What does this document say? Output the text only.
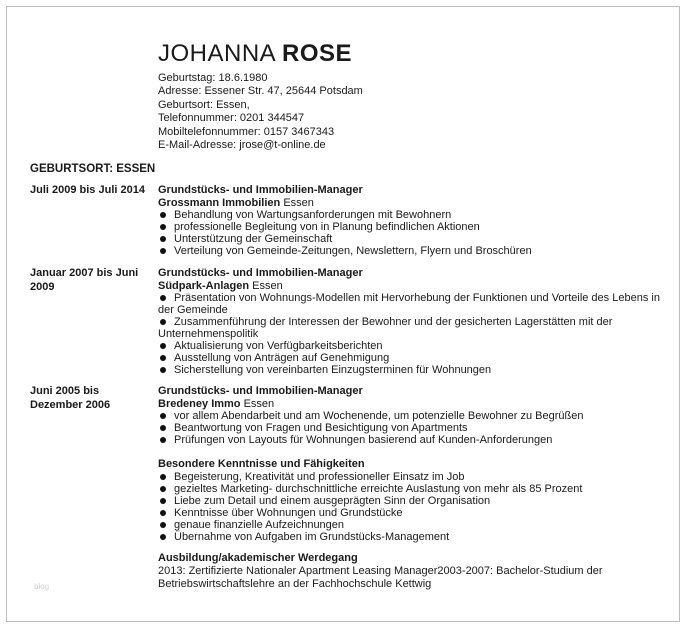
JOHANNA ROSE
Geburtstag: 18.6.1980
Adresse: Essener Str. 47, 25644 Potsdam
Geburtsort: Essen,
Telefonnummer: 0201 344547
Mobiltelefonnummer: 0157 3467343
E-Mail-Adresse: jrose@t-online.de
GEBURTSORT: ESSEN
Juli 2009 bis Juli 2014	Grundstücks- und Immobilien-Manager
Grossmann Immobilien Essen
Behandlung von Wartungsanforderungen mit Bewohnern
professionelle Begleitung von in Planung befindlichen Aktionen
Unterstützung der Gemeinschaft
Verteilung von Gemeinde-Zeitungen, Newslettern, Flyern und Broschüren
Januar 2007 bis Juni 2009
Grundstücks- und Immobilien-Manager
Südpark-Anlagen Essen
Präsentation von Wohnungs-Modellen mit Hervorhebung der Funktionen und Vorteile des Lebens in der Gemeinde
Zusammenführung der Interessen der Bewohner und der gesicherten Lagerstätten mit der Unternehmenspolitik
Aktualisierung von Verfügbarkeitsberichten
Ausstellung von Anträgen auf Genehmigung
Sicherstellung von vereinbarten Einzugsterminen für Wohnungen
Juni 2005 bis Dezember 2006
Grundstücks- und Immobilien-Manager
Bredeney Immo Essen
vor allem Abendarbeit und am Wochenende, um potenzielle Bewohner zu Begrüßen
Beantwortung von Fragen und Besichtigung von Apartments
Prüfungen von Layouts für Wohnungen basierend auf Kunden-Anforderungen
Besondere Kenntnisse und Fähigkeiten
Begeisterung, Kreativität und professioneller Einsatz im Job
gezieltes Marketing- durchschnittliche erreichte Auslastung von mehr als 85 Prozent
Liebe zum Detail und einem ausgeprägten Sinn der Organisation
Kenntnisse über Wohnungen und Grundstücke
genaue finanzielle Aufzeichnungen
Übernahme von Aufgaben im Grundstücks-Management
Ausbildung/akademischer Werdegang
2013: Zertifizierte Nationaler Apartment Leasing Manager2003-2007: Bachelor-Studium der Betriebswirtschaftslehre an der Fachhochschule Kettwig
blog
